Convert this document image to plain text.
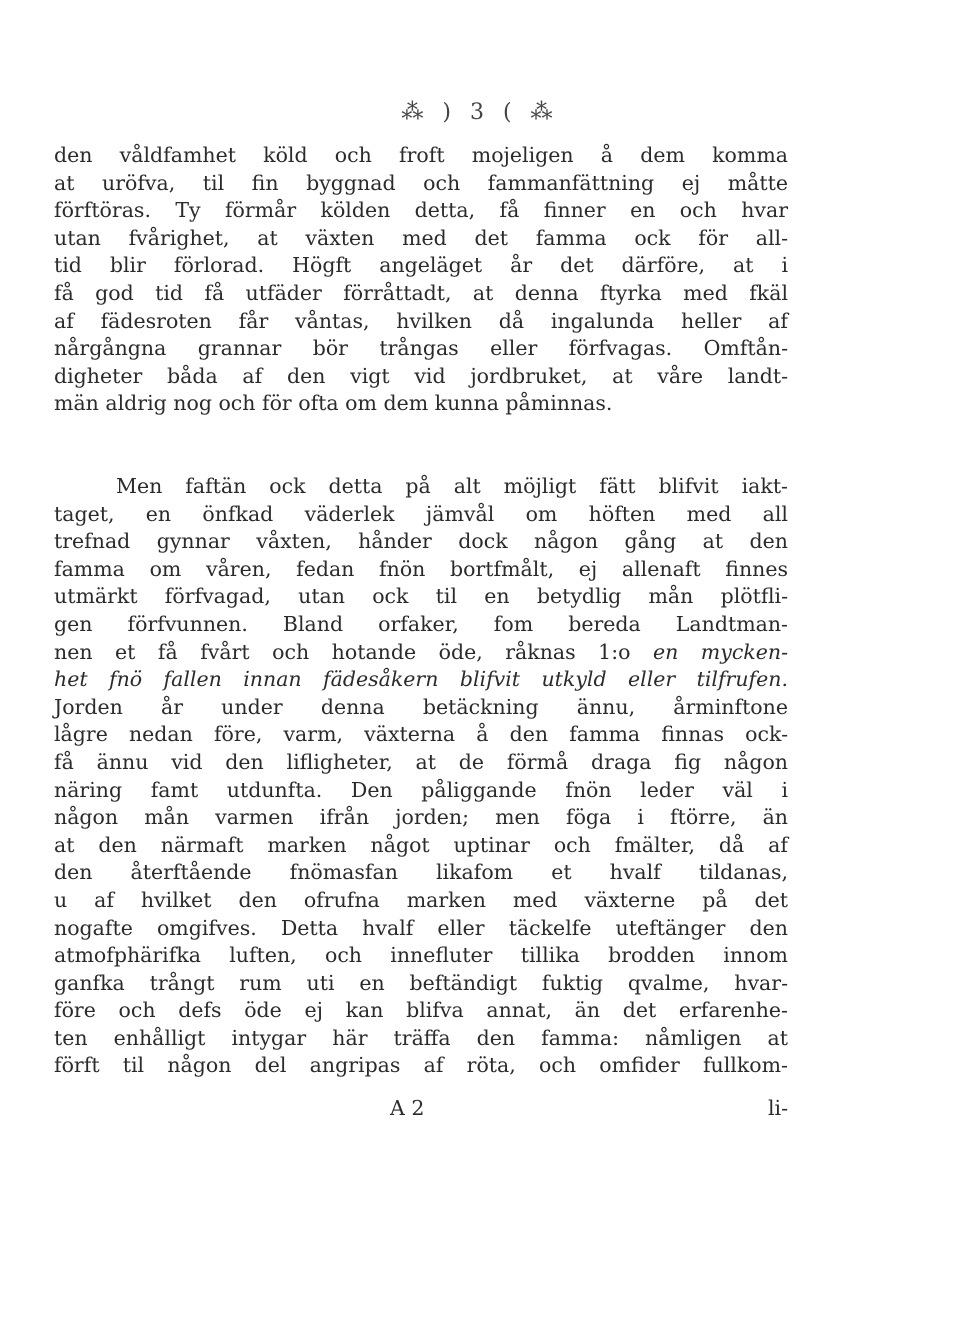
⁂ ) 3 ( ⁂
den våldfamhet köld och froft mojeligen å dem komma
at uröfva, til fin byggnad och fammanfättning ej måtte
förftöras. Ty förmår kölden detta, få finner en och hvar
utan fvårighet, at växten med det famma ock för all-
tid blir förlorad. Högft angeläget år det därföre, at i
få god tid få utfäder förråttadt, at denna ftyrka med fkäl
af fädesroten får våntas, hvilken då ingalunda heller af
nårgångna grannar bör trångas eller förfvagas. Omftån-
digheter båda af den vigt vid jordbruket, at våre landt-
män aldrig nog och för ofta om dem kunna påminnas.
Men faftän ock detta på alt möjligt fätt blifvit iakt-
taget, en önfkad väderlek jämvål om höften med all
trefnad gynnar våxten, hånder dock någon gång at den
famma om våren, fedan fnön bortfmålt, ej allenaft finnes
utmärkt förfvagad, utan ock til en betydlig mån plötfli-
gen förfvunnen. Bland orfaker, fom bereda Landtman-
nen et få fvårt och hotande öde, råknas 1:o en mycken-
het fnö fallen innan fädesåkern blifvit utkyld eller tilfrufen.
Jorden år under denna betäckning ännu, årminftone
lågre nedan före, varm, växterna å den famma finnas ock-
få ännu vid den lifligheter, at de förmå draga fig någon
näring famt utdunfta. Den påliggande fnön leder väl i
någon mån varmen ifrån jorden; men föga i ftörre, än
at den närmaft marken något uptinar och fmälter, då af
den återftående fnömasfan likafom et hvalf tildanas,
u af hvilket den ofrufna marken med växterne på det
nogafte omgifves. Detta hvalf eller täckelfe uteftänger den
atmofphärifka luften, och innefluter tillika brodden innom
ganfka trångt rum uti en beftändigt fuktig qvalme, hvar-
före och defs öde ej kan blifva annat, än det erfarenhe-
ten enhålligt intygar här träffa den famma: nåmligen at
förft til någon del angripas af röta, och omfider fullkom-
A 2	li-
